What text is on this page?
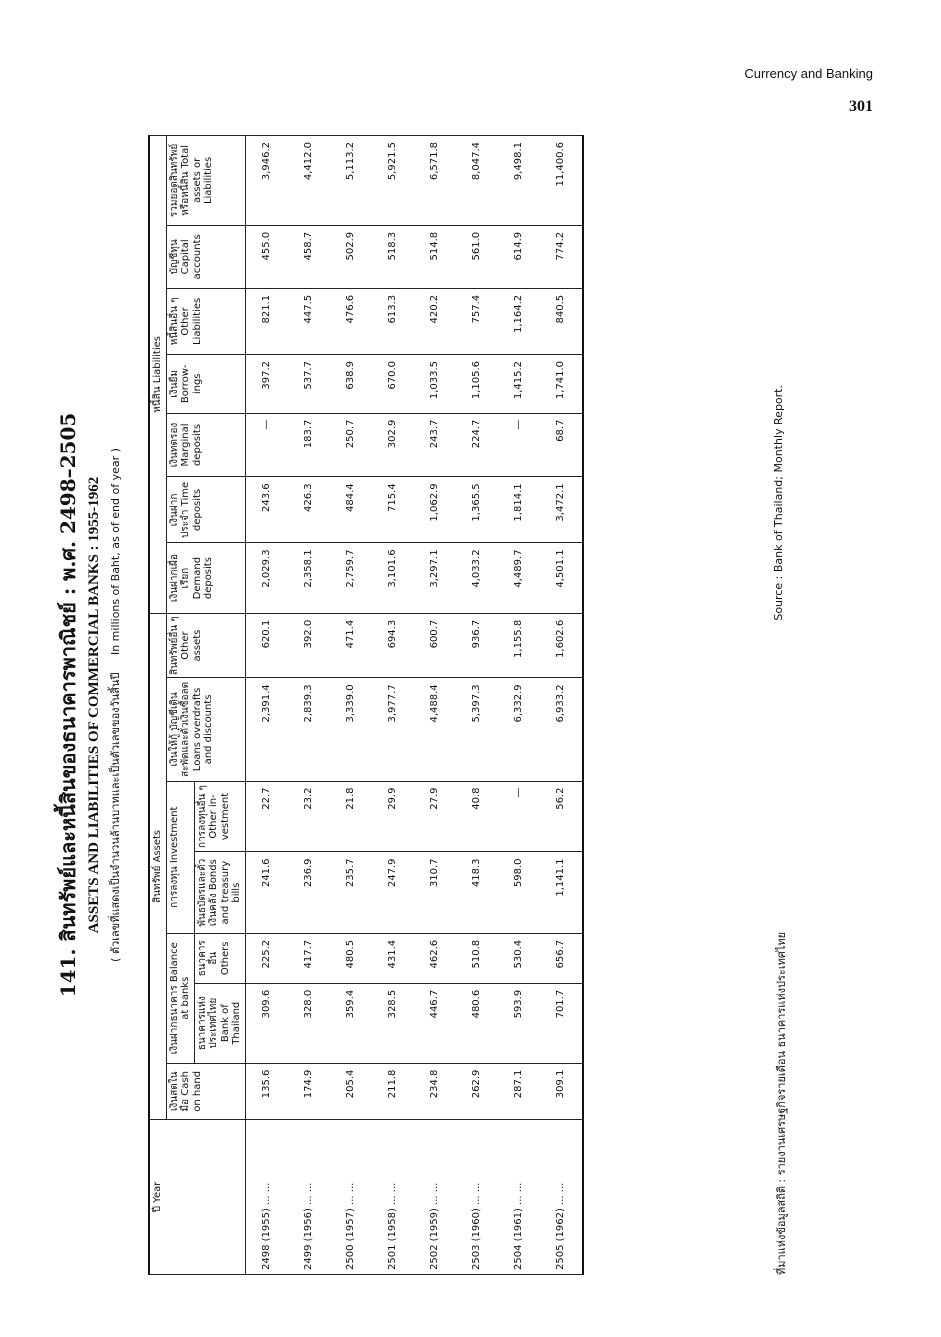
Currency and Banking
301
141. สินทรัพย์และหนี้สินของธนาคารพาณิชย์ : พ.ศ. 2498–2505 ASSETS AND LIABILITIES OF COMMERCIAL BANKS : 1955-1962 ( ตัวเลขที่แสดงเป็นจำนวนล้านบาทและเป็นตัวเลขของวันสิ้นปี In millions of Baht, as of end of year )
ปี Year	สินทรัพย์ Assets							หนี้สิน Liabilities						
	เงินสดในมือ Cash on hand	เงินฝากธนาคาร Balance at banks		การลงทุน Investment		เงินให้กู้ บัญชีเดินสะพัดและตั๋วเงินซื้อลด Loans overdrafts and discounts	สินทรัพย์อื่น ๆ Other assets	เงินฝากเผื่อเรียก Demand deposits	เงินฝากประจำ Time deposits	เงินทดรอง Marginal deposits	เงินยืม Borrow-ings	หนี้สินอื่น ๆ Other Liabilities	บัญชีทุน Capital accounts	รวมยอดสินทรัพย์หรือหนี้สิน Total assets or Liabilities
		ธนาคารแห่งประเทศไทย Bank of Thailand	ธนาคารอื่น Others	พันธบัตรและตั๋วเงินคลัง Bonds and treasury bills	การลงทุนอื่น ๆ Other in-vestment									
2498 (1955) ... ...	135.6	309.6	225.2	241.6	22.7	2,391.4	620.1	2,029.3	243.6	—	397.2	821.1	455.0	3,946.2
2499 (1956) ... ...	174.9	328.0	417.7	236.9	23.2	2,839.3	392.0	2,358.1	426.3	183.7	537.7	447.5	458.7	4,412.0
2500 (1957) ... ...	205.4	359.4	480.5	235.7	21.8	3,339.0	471.4	2,759.7	484.4	250.7	638.9	476.6	502.9	5,113.2
2501 (1958) ... ...	211.8	328.5	431.4	247.9	29.9	3,977.7	694.3	3,101.6	715.4	302.9	670.0	613.3	518.3	5,921.5
2502 (1959) ... ...	234.8	446.7	462.6	310.7	27.9	4,488.4	600.7	3,297.1	1,062.9	243.7	1,033.5	420.2	514.8	6,571.8
2503 (1960) ... ...	262.9	480.6	510.8	418.3	40.8	5,397.3	936.7	4,033.2	1,365.5	224.7	1,105.6	757.4	561.0	8,047.4
2504 (1961) ... ...	287.1	593.9	530.4	598.0	—	6,332.9	1,155.8	4,489.7	1,814.1	—	1,415.2	1,164.2	614.9	9,498.1
2505 (1962) ... ...	309.1	701.7	656.7	1,141.1	56.2	6,933.2	1,602.6	4,501.1	3,472.1	68.7	1,741.0	840.5	774.2	11,400.6
ที่มาแห่งข้อมูลสถิติ : รายงานเศรษฐกิจรายเดือน ธนาคารแห่งประเทศไทย
Source : Bank of Thailand; Monthly Report.
